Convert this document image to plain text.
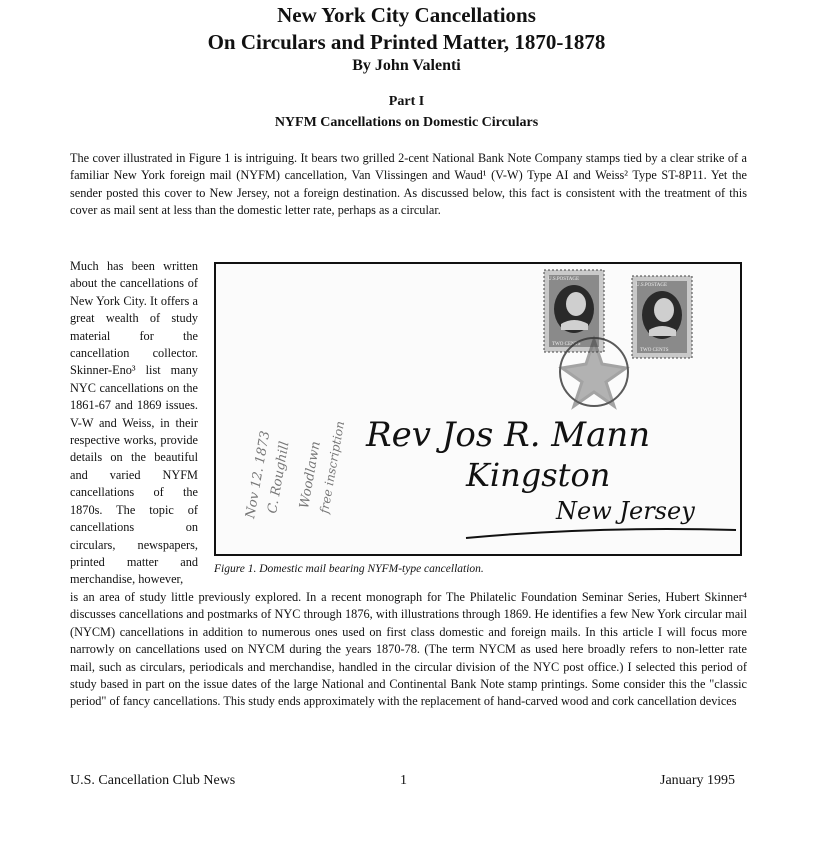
New York City Cancellations
On Circulars and Printed Matter, 1870-1878
By John Valenti
Part I
NYFM Cancellations on Domestic Circulars

The cover illustrated in Figure 1 is intriguing. It bears two grilled 2-cent National Bank Note Company stamps tied by a clear strike of a familiar New York foreign mail (NYFM) cancellation, Van Vlissingen and Waud¹ (V-W) Type AI and Weiss² Type ST-8P11. Yet the sender posted this cover to New Jersey, not a foreign destination. As discussed below, this fact is consistent with the treatment of this cover as mail sent at less than the domestic letter rate, perhaps as a circular.

Much has been written about the cancellations of New York City. It offers a great wealth of study material for the cancellation collector. Skinner-Eno³ list many NYC cancellations on the 1861-67 and 1869 issues. V-W and Weiss, in their respective works, provide details on the beautiful and varied NYFM cancellations of the 1870s. The topic of cancellations on circulars, newspapers, printed matter and merchandise, however,

U.S.POSTAGE
TWO CENTS
U.S.POSTAGE
TWO CENTS
Nov 12. 1873
C. Roughill Woodlawn
free inscription Rev Jos R. Mann
Kingston
New Jersey
Figure 1. Domestic mail bearing NYFM-type cancellation.

is an area of study little previously explored. In a recent monograph for The Philatelic Foundation Seminar Series, Hubert Skinner⁴ discusses cancellations and postmarks of NYC through 1876, with illustrations through 1869. He identifies a few New York circular mail (NYCM) cancellations in addition to numerous ones used on first class domestic and foreign mails. In this article I will focus more narrowly on cancellations used on NYCM during the years 1870-78. (The term NYCM as used here broadly refers to non-letter rate mail, such as circulars, periodicals and merchandise, handled in the circular division of the NYC post office.) I selected this period of study based in part on the issue dates of the large National and Continental Bank Note stamp printings. Some consider this the "classic period" of fancy cancellations. This study ends approximately with the replacement of hand-carved wood and cork cancellation devices

U.S. Cancellation Club News	1	January 1995
